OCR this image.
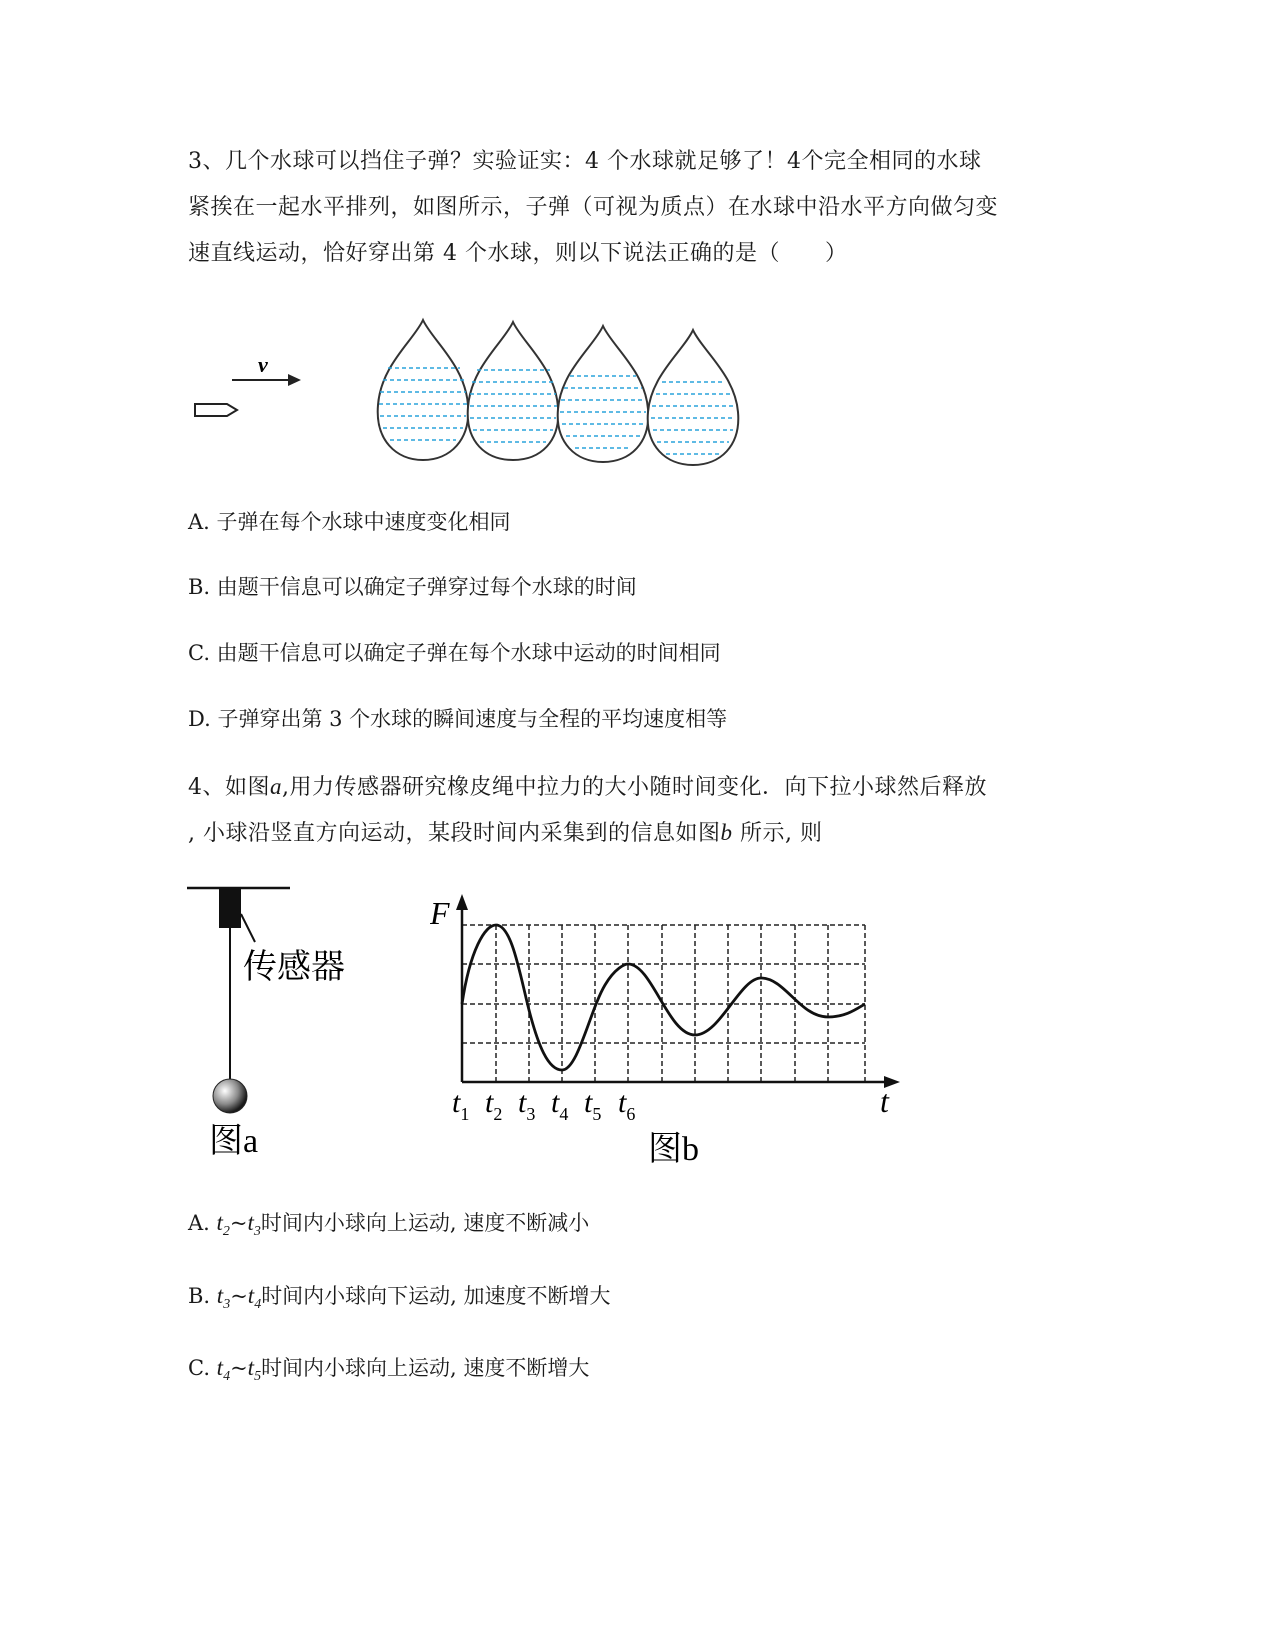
3、几个水球可以挡住子弹？实验证实：4 个水球就足够了！4个完全相同的水球
紧挨在一起水平排列，如图所示，子弹（可视为质点）在水球中沿水平方向做匀变
速直线运动，恰好穿出第 4 个水球，则以下说法正确的是（　　）
v
A. 子弹在每个水球中速度变化相同
B. 由题干信息可以确定子弹穿过每个水球的时间
C. 由题干信息可以确定子弹在每个水球中运动的时间相同
D. 子弹穿出第 3 个水球的瞬间速度与全程的平均速度相等
4、如图a,用力传感器研究橡皮绳中拉力的大小随时间变化．向下拉小球然后释放
, 小球沿竖直方向运动，某段时间内采集到的信息如图b 所示, 则
传感器
图a
F
t
$t_1$ $t_2$ $t_3$ $t_4$ $t_5$ $t_6$
图b
A. $t_2\sim t_3$时间内小球向上运动, 速度不断减小
B. $t_3\sim t_4$时间内小球向下运动, 加速度不断增大
C. $t_4\sim t_5$时间内小球向上运动, 速度不断增大
